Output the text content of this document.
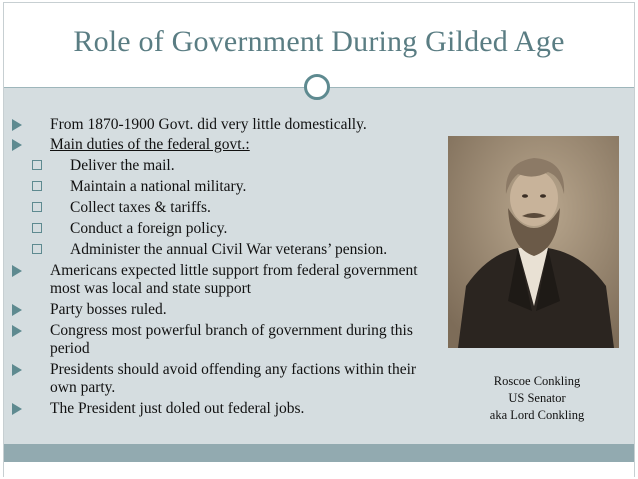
Role of Government During Gilded Age
From 1870-1900 Govt. did very little domestically.
Main duties of the federal govt.:
Deliver the mail.
Maintain a national military.
Collect taxes & tariffs.
Conduct a foreign policy.
Administer the annual Civil War veterans’ pension.
Americans expected little support from federal government most was local and state support
Party bosses ruled.
Congress most powerful branch of government during this period
Presidents should avoid offending any factions within their own party.
The President just doled out federal jobs.
Roscoe Conkling
US Senator
aka Lord Conkling
